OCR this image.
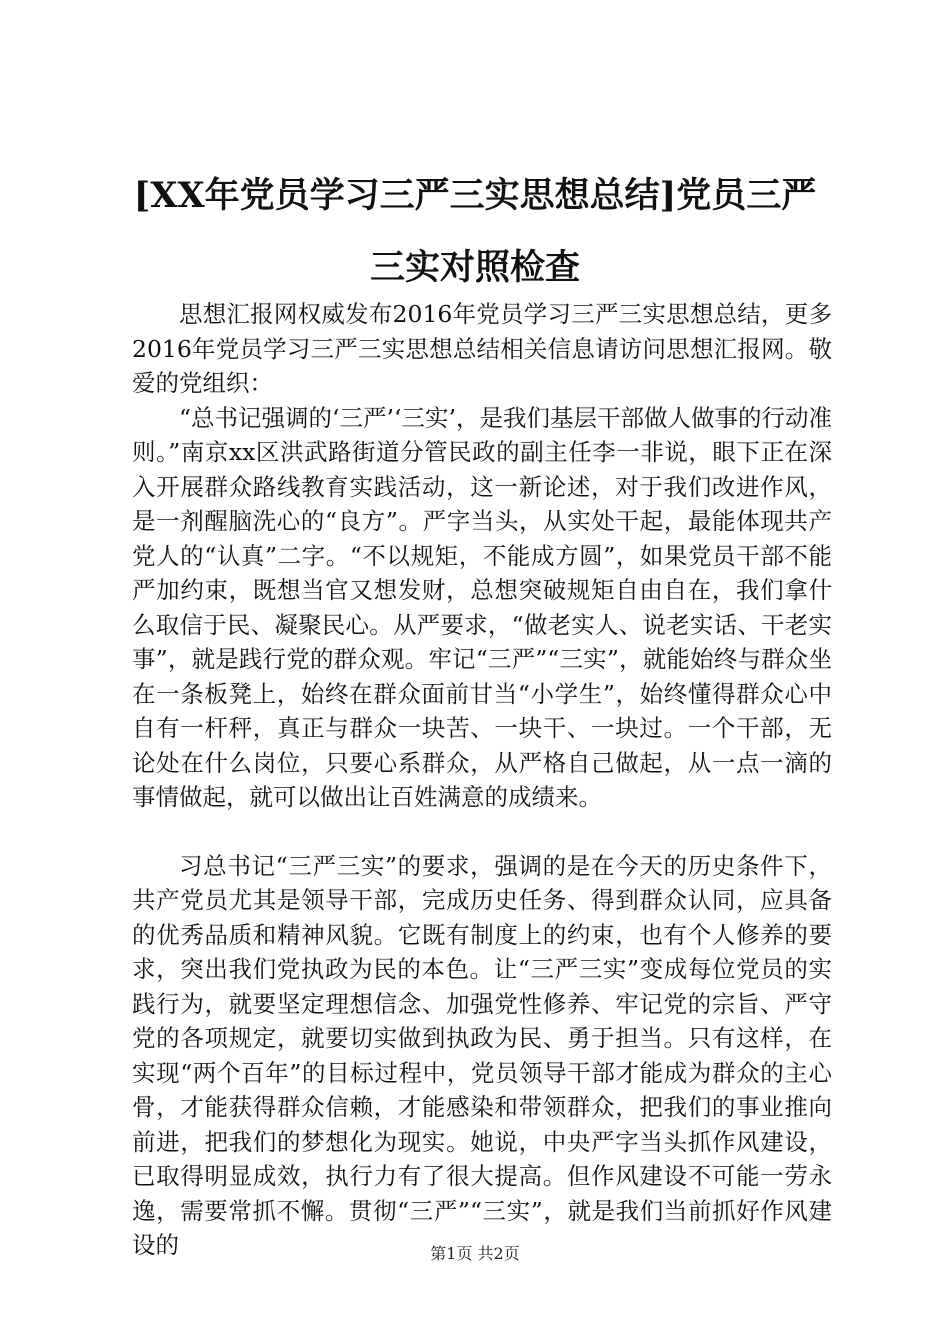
[XX年党员学习三严三实思想总结]党员三严
三实对照检查

思想汇报网权威发布2016年党员学习三严三实思想总结，更多2016年党员学习三严三实思想总结相关信息请访问思想汇报网。敬爱的党组织：

“总书记强调的‘三严’‘三实’，是我们基层干部做人做事的行动准则。”南京xx区洪武路街道分管民政的副主任李一非说，眼下正在深入开展群众路线教育实践活动，这一新论述，对于我们改进作风，是一剂醒脑洗心的“良方”。严字当头，从实处干起，最能体现共产党人的“认真”二字。“不以规矩，不能成方圆”，如果党员干部不能严加约束，既想当官又想发财，总想突破规矩自由自在，我们拿什么取信于民、凝聚民心。从严要求，“做老实人、说老实话、干老实事”，就是践行党的群众观。牢记“三严”“三实”，就能始终与群众坐在一条板凳上，始终在群众面前甘当“小学生”，始终懂得群众心中自有一杆秤，真正与群众一块苦、一块干、一块过。一个干部，无论处在什么岗位，只要心系群众，从严格自己做起，从一点一滴的事情做起，就可以做出让百姓满意的成绩来。

习总书记“三严三实”的要求，强调的是在今天的历史条件下，共产党员尤其是领导干部，完成历史任务、得到群众认同，应具备的优秀品质和精神风貌。它既有制度上的约束，也有个人修养的要求，突出我们党执政为民的本色。让“三严三实”变成每位党员的实践行为，就要坚定理想信念、加强党性修养、牢记党的宗旨、严守党的各项规定，就要切实做到执政为民、勇于担当。只有这样，在实现“两个百年”的目标过程中，党员领导干部才能成为群众的主心骨，才能获得群众信赖，才能感染和带领群众，把我们的事业推向前进，把我们的梦想化为现实。她说，中央严字当头抓作风建设，已取得明显成效，执行力有了很大提高。但作风建设不可能一劳永逸，需要常抓不懈。贯彻“三严”“三实”，就是我们当前抓好作风建设的	第1页 共2页
